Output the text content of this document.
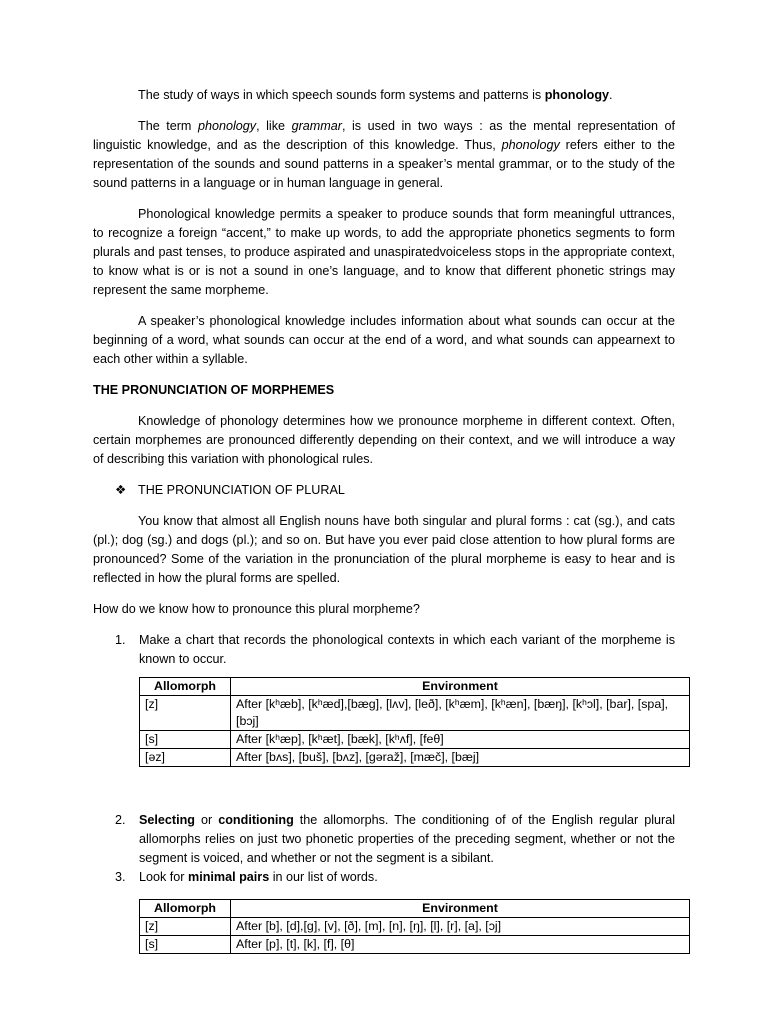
The study of ways in which speech sounds form systems and patterns is phonology.

The term phonology, like grammar, is used in two ways : as the mental representation of linguistic knowledge, and as the description of this knowledge. Thus, phonology refers either to the representation of the sounds and sound patterns in a speaker’s mental grammar, or to the study of the sound patterns in a language or in human language in general.

Phonological knowledge permits a speaker to produce sounds that form meaningful uttrances, to recognize a foreign “accent,” to make up words, to add the appropriate phonetics segments to form plurals and past tenses, to produce aspirated and unaspiratedvoiceless stops in the appropriate context, to know what is or is not a sound in one’s language, and to know that different phonetic strings may represent the same morpheme.

A speaker’s phonological knowledge includes information about what sounds can occur at the beginning of a word, what sounds can occur at the end of a word, and what sounds can appearnext to each other within a syllable.

THE PRONUNCIATION OF MORPHEMES

Knowledge of phonology determines how we pronounce morpheme in different context. Often, certain morphemes are pronounced differently depending on their context, and we will introduce a way of describing this variation with phonological rules.

❖ THE PRONUNCIATION OF PLURAL

You know that almost all English nouns have both singular and plural forms : cat (sg.), and cats (pl.); dog (sg.) and dogs (pl.); and so on. But have you ever paid close attention to how plural forms are pronounced? Some of the variation in the pronunciation of the plural morpheme is easy to hear and is reflected in how the plural forms are spelled.

How do we know how to pronounce this plural morpheme?

1. Make a chart that records the phonological contexts in which each variant of the morpheme is known to occur.
Allomorph	Environment
[z]	After [kʰæb], [kʰæd],[bæg], [lʌv], [leð], [kʰæm], [kʰæn], [bæŋ], [kʰɔl], [bar], [spa], [bɔj]
[s]	After [kʰæp], [kʰæt], [bæk], [kʰʌf], [feθ]
[əz]	After [bʌs], [buš], [bʌz], [gəraž], [mæč], [bæj]
2. Selecting or conditioning the allomorphs. The conditioning of of the English regular plural allomorphs relies on just two phonetic properties of the preceding segment, whether or not the segment is voiced, and whether or not the segment is a sibilant.
3. Look for minimal pairs in our list of words.
Allomorph	Environment
[z]	After [b], [d],[g], [v], [ð], [m], [n], [ŋ], [l], [r], [a], [ɔj]
[s]	After [p], [t], [k], [f], [θ]
